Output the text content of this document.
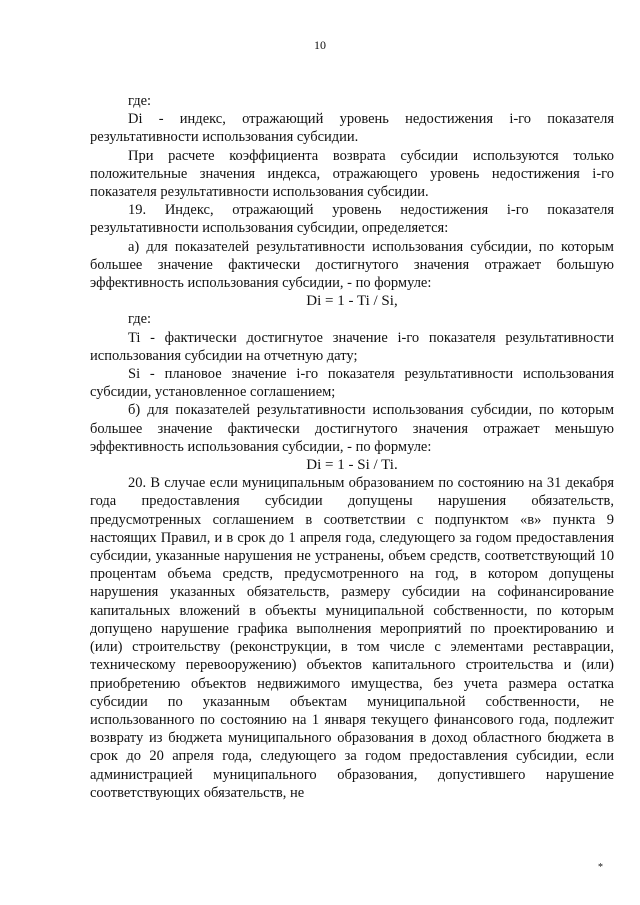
10

где:

Di - индекс, отражающий уровень недостижения i-го показателя результативности использования субсидии.

При расчете коэффициента возврата субсидии используются только положительные значения индекса, отражающего уровень недостижения i-го показателя результативности использования субсидии.

19. Индекс, отражающий уровень недостижения i-го показателя результативности использования субсидии, определяется:

а) для показателей результативности использования субсидии, по которым большее значение фактически достигнутого значения отражает большую эффективность использования субсидии, - по формуле:

Di = 1 - Ti / Si,

где:

Ti - фактически достигнутое значение i-го показателя результативности использования субсидии на отчетную дату;

Si - плановое значение i-го показателя результативности использования субсидии, установленное соглашением;

б) для показателей результативности использования субсидии, по которым большее значение фактически достигнутого значения отражает меньшую эффективность использования субсидии, - по формуле:

Di = 1 - Si / Ti.

20. В случае если муниципальным образованием по состоянию на 31 декабря года предоставления субсидии допущены нарушения обязательств, предусмотренных соглашением в соответствии с подпунктом «в» пункта 9 настоящих Правил, и в срок до 1 апреля года, следующего за годом предоставления субсидии, указанные нарушения не устранены, объем средств, соответствующий 10 процентам объема средств, предусмотренного на год, в котором допущены нарушения указанных обязательств, размеру субсидии на софинансирование капитальных вложений в объекты муниципальной собственности, по которым допущено нарушение графика выполнения мероприятий по проектированию и (или) строительству (реконструкции, в том числе с элементами реставрации, техническому перевооружению) объектов капитального строительства и (или) приобретению объектов недвижимого имущества, без учета размера остатка субсидии по указанным объектам муниципальной собственности, не использованного по состоянию на 1 января текущего финансового года, подлежит возврату из бюджета муниципального образования в доход областного бюджета в срок до 20 апреля года, следующего за годом предоставления субсидии, если администрацией муниципального образования, допустившего нарушение соответствующих обязательств, не

*
